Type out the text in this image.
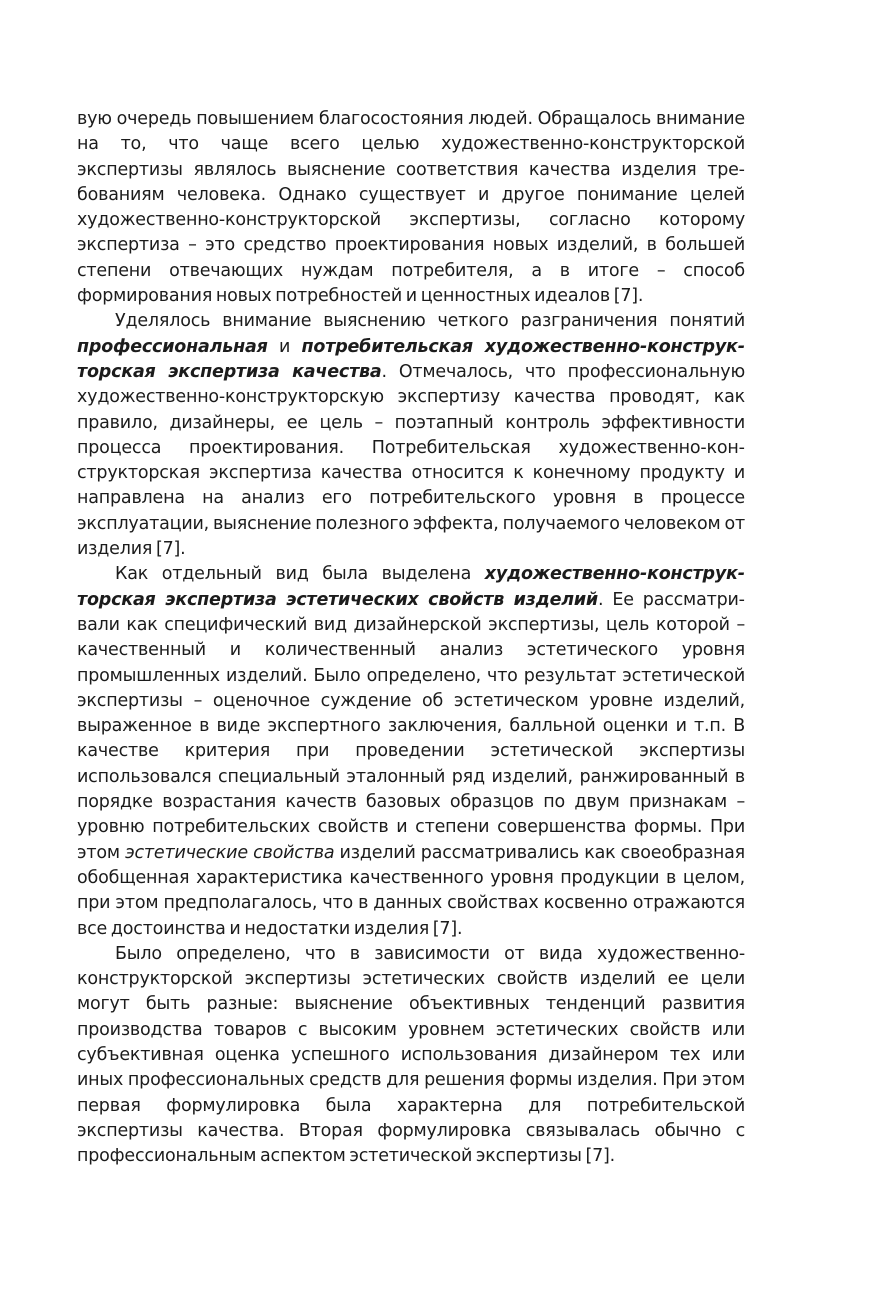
вую очередь повышением благосостояния людей. Обращалось внимание на то, что чаще всего целью художественно-конструкторской экспертизы являлось выяснение соответствия качества изделия требованиям человека. Однако существует и другое понимание целей художественно-конструкторской экспертизы, согласно которому экспертиза – это средство проектирования новых изделий, в большей степени отвечающих нуждам потребителя, а в итоге – способ формирования новых потребностей и ценностных идеалов [7].

Уделялось внимание выяснению четкого разграничения понятий профессиональная и потребительская художественно-конструкторская экспертиза качества. Отмечалось, что профессиональную художественно-конструкторскую экспертизу качества проводят, как правило, дизайнеры, ее цель – поэтапный контроль эффективности процесса проектирования. Потребительская художественно-конструкторская экспертиза качества относится к конечному продукту и направлена на анализ его потребительского уровня в процессе эксплуатации, выяснение полезного эффекта, получаемого человеком от изделия [7].

Как отдельный вид была выделена художественно-конструкторская экспертиза эстетических свойств изделий. Ее рассматривали как специфический вид дизайнерской экспертизы, цель которой – качественный и количественный анализ эстетического уровня промышленных изделий. Было определено, что результат эстетической экспертизы – оценочное суждение об эстетическом уровне изделий, выраженное в виде экспертного заключения, балльной оценки и т.п. В качестве критерия при проведении эстетической экспертизы использовался специальный эталонный ряд изделий, ранжированный в порядке возрастания качеств базовых образцов по двум признакам – уровню потребительских свойств и степени совершенства формы. При этом эстетические свойства изделий рассматривались как своеобразная обобщенная характеристика качественного уровня продукции в целом, при этом предполагалось, что в данных свойствах косвенно отражаются все достоинства и недостатки изделия [7].

Было определено, что в зависимости от вида художественно-конструкторской экспертизы эстетических свойств изделий ее цели могут быть разные: выяснение объективных тенденций развития производства товаров с высоким уровнем эстетических свойств или субъективная оценка успешного использования дизайнером тех или иных профессиональных средств для решения формы изделия. При этом первая формулировка была характерна для потребительской экспертизы качества. Вторая формулировка связывалась обычно с профессиональным аспектом эстетической экспертизы [7].
